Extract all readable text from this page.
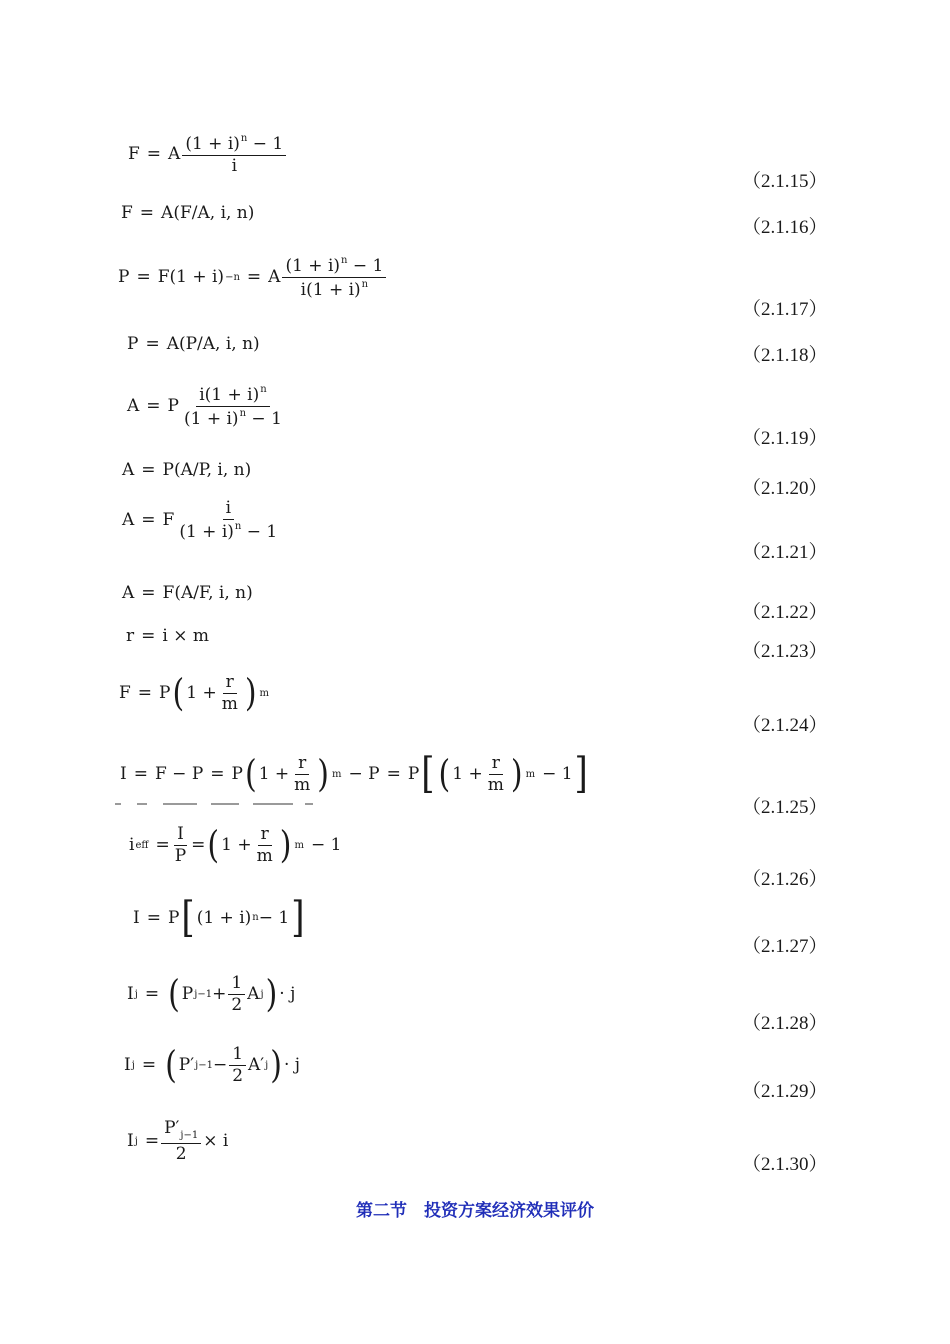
F
=
A $\frac{(1 + i)^n - 1}{i}$
（2.1.15）
F
=
A(F/A, i, n)
（2.1.16）
P
=
F(1 + i) −n =
A $\frac{(1 + i)^n - 1}{i(1 + i)^n}$
（2.1.17）
P
=
A(P/A, i, n)
（2.1.18）
A
=
P $\frac{i(1 + i)^n}{(1 + i)^n - 1}$
（2.1.19）
A
=
P(A/P, i, n)
（2.1.20）
A
=
F $\frac{i}{(1 + i)^n - 1}$
（2.1.21）
A
=
F(A/F, i, n)
（2.1.22）
r
=
i × m
（2.1.23）
F
=
P ( $1 + \frac{r}{m}$ ) m
（2.1.24）
I
=
F − P
=
P ( $1 + \frac{r}{m}$ ) m − P
=
P [ ( $1 + \frac{r}{m}$ ) m − 1 ]
（2.1.25）
i eff = $\frac{I}{P}$ = ( $1 + \frac{r}{m}$ ) m − 1
（2.1.26）
I
=
P [ (1 + i) n − 1 ]
（2.1.27）
I j = ( P $j-1 + \frac{1}{2}$ A j ) · j
（2.1.28）
I j = ( P′ $j-1 - \frac{1}{2} A'$ j ) · j
（2.1.29）
I $j = \frac{P'_{j-1}}{2} \times i$
（2.1.30）
第二节　投资方案经济效果评价
